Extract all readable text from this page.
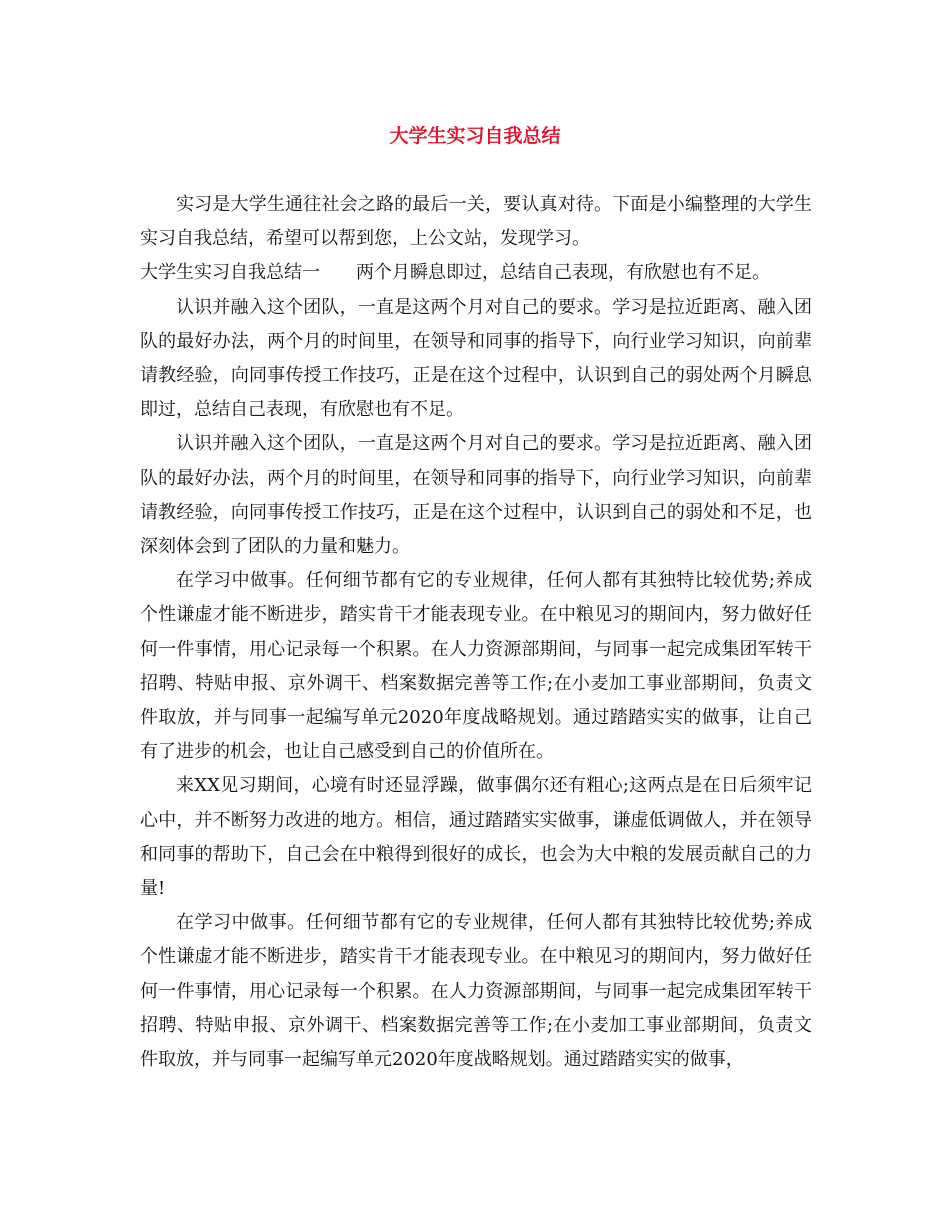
大学生实习自我总结

实习是大学生通往社会之路的最后一关，要认真对待。下面是小编整理的大学生实习自我总结，希望可以帮到您，上公文站，发现学习。

大学生实习自我总结一 两个月瞬息即过，总结自己表现，有欣慰也有不足。

认识并融入这个团队，一直是这两个月对自己的要求。学习是拉近距离、融入团队的最好办法，两个月的时间里，在领导和同事的指导下，向行业学习知识，向前辈请教经验，向同事传授工作技巧，正是在这个过程中，认识到自己的弱处两个月瞬息即过，总结自己表现，有欣慰也有不足。

认识并融入这个团队，一直是这两个月对自己的要求。学习是拉近距离、融入团队的最好办法，两个月的时间里，在领导和同事的指导下，向行业学习知识，向前辈请教经验，向同事传授工作技巧，正是在这个过程中，认识到自己的弱处和不足，也深刻体会到了团队的力量和魅力。

在学习中做事。任何细节都有它的专业规律，任何人都有其独特比较优势;养成个性谦虚才能不断进步，踏实肯干才能表现专业。在中粮见习的期间内，努力做好任何一件事情，用心记录每一个积累。在人力资源部期间，与同事一起完成集团军转干招聘、特贴申报、京外调干、档案数据完善等工作;在小麦加工事业部期间，负责文件取放，并与同事一起编写单元2020年度战略规划。通过踏踏实实的做事，让自己有了进步的机会，也让自己感受到自己的价值所在。

来XX见习期间，心境有时还显浮躁，做事偶尔还有粗心;这两点是在日后须牢记心中，并不断努力改进的地方。相信，通过踏踏实实做事，谦虚低调做人，并在领导和同事的帮助下，自己会在中粮得到很好的成长，也会为大中粮的发展贡献自己的力量!

在学习中做事。任何细节都有它的专业规律，任何人都有其独特比较优势;养成个性谦虚才能不断进步，踏实肯干才能表现专业。在中粮见习的期间内，努力做好任何一件事情，用心记录每一个积累。在人力资源部期间，与同事一起完成集团军转干招聘、特贴申报、京外调干、档案数据完善等工作;在小麦加工事业部期间，负责文件取放，并与同事一起编写单元2020年度战略规划。通过踏踏实实的做事，
